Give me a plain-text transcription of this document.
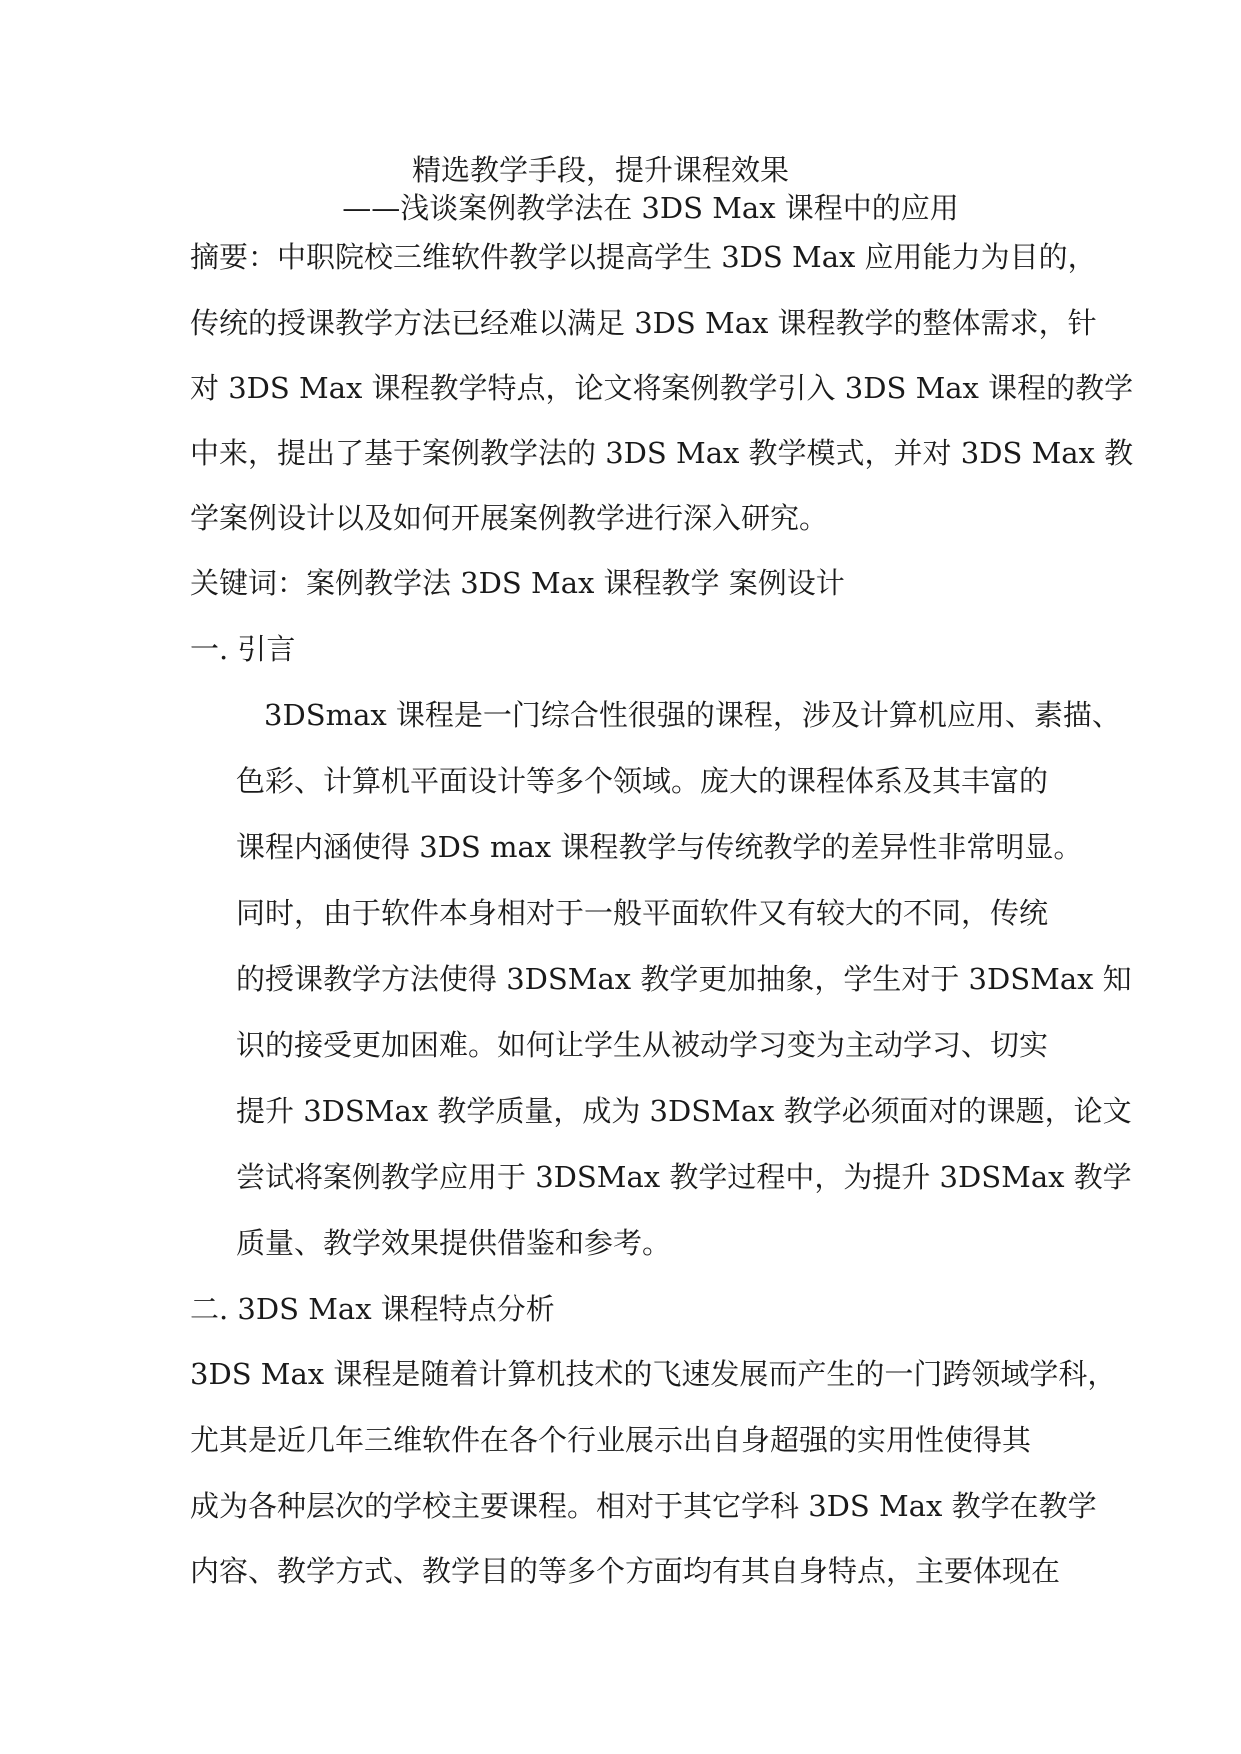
精选教学手段，提升课程效果
——浅谈案例教学法在 3DS Max 课程中的应用
摘要：中职院校三维软件教学以提高学生 3DS Max 应用能力为目的，
传统的授课教学方法已经难以满足 3DS Max 课程教学的整体需求，针
对 3DS Max 课程教学特点，论文将案例教学引入 3DS Max 课程的教学
中来，提出了基于案例教学法的 3DS Max 教学模式，并对 3DS Max 教
学案例设计以及如何开展案例教学进行深入研究。
关键词：案例教学法 3DS Max 课程教学 案例设计
一. 引言
3DSmax 课程是一门综合性很强的课程，涉及计算机应用、素描、
色彩、计算机平面设计等多个领域。庞大的课程体系及其丰富的
课程内涵使得 3DS max 课程教学与传统教学的差异性非常明显。
同时，由于软件本身相对于一般平面软件又有较大的不同，传统
的授课教学方法使得 3DSMax 教学更加抽象，学生对于 3DSMax 知
识的接受更加困难。如何让学生从被动学习变为主动学习、切实
提升 3DSMax 教学质量，成为 3DSMax 教学必须面对的课题，论文
尝试将案例教学应用于 3DSMax 教学过程中，为提升 3DSMax 教学
质量、教学效果提供借鉴和参考。
二. 3DS Max 课程特点分析
3DS Max 课程是随着计算机技术的飞速发展而产生的一门跨领域学科，
尤其是近几年三维软件在各个行业展示出自身超强的实用性使得其
成为各种层次的学校主要课程。相对于其它学科 3DS Max 教学在教学
内容、教学方式、教学目的等多个方面均有其自身特点，主要体现在
